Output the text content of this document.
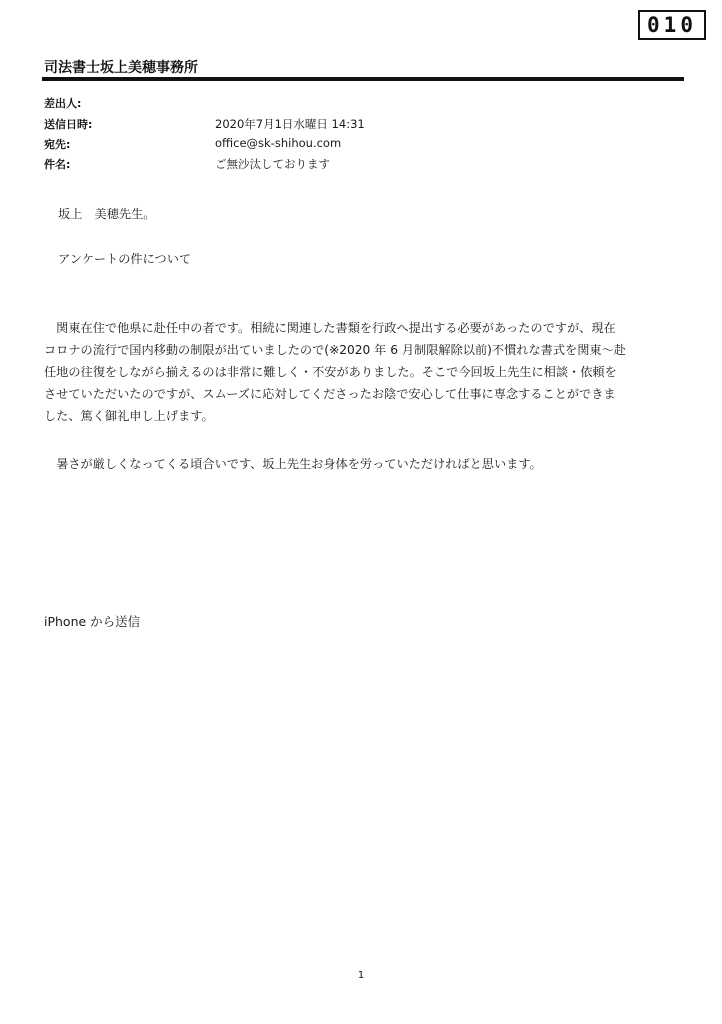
010
司法書士坂上美穂事務所
差出人:
送信日時:	2020年7月1日水曜日 14:31
宛先:	office@sk-shihou.com
件名:	ご無沙汰しております
坂上　美穂先生。
アンケートの件について
　関東在住で他県に赴任中の者です。相続に関連した書類を行政へ提出する必要があったのですが、現在
コロナの流行で国内移動の制限が出ていましたので(※2020 年 6 月制限解除以前)不慣れな書式を関東～赴
任地の往復をしながら揃えるのは非常に難しく・不安がありました。そこで今回坂上先生に相談・依頼を
させていただいたのですが、スムーズに応対してくださったお陰で安心して仕事に専念することができま
した、篤く御礼申し上げます。
　暑さが厳しくなってくる頃合いです、坂上先生お身体を労っていただければと思います。
iPhone から送信
1
